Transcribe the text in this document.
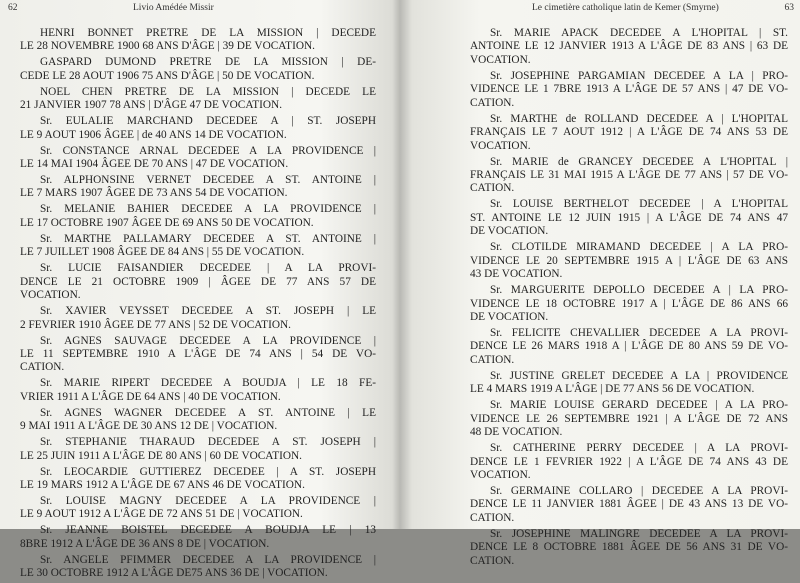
62	Livio Amédée Missir
HENRI BONNET PRETRE DE LA MISSION | DECEDE
LE 28 NOVEMBRE 1900 68 ANS D'ÂGE | 39 DE VOCATION.
GASPARD DUMOND PRETRE DE LA MISSION | DE-
CEDE LE 28 AOUT 1906 75 ANS D'ÂGE | 50 DE VOCATION.
NOEL CHEN PRETRE DE LA MISSION | DECEDE LE
21 JANVIER 1907 78 ANS | D'ÂGE 47 DE VOCATION.
Sr. EULALIE MARCHAND DECEDEE A | ST. JOSEPH
LE 9 AOUT 1906 ÂGEE | de 40 ANS 14 DE VOCATION.
Sr. CONSTANCE ARNAL DECEDEE A LA PROVIDENCE |
LE 14 MAI 1904 ÂGEE DE 70 ANS | 47 DE VOCATION.
Sr. ALPHONSINE VERNET DECEDEE A ST. ANTOINE |
LE 7 MARS 1907 ÂGEE DE 73 ANS 54 DE VOCATION.
Sr. MELANIE BAHIER DECEDEE A LA PROVIDENCE |
LE 17 OCTOBRE 1907 ÂGEE DE 69 ANS 50 DE VOCATION.
Sr. MARTHE PALLAMARY DECEDEE A ST. ANTOINE |
LE 7 JUILLET 1908 ÂGEE DE 84 ANS | 55 DE VOCATION.
Sr. LUCIE FAISANDIER DECEDEE | A LA PROVI-
DENCE LE 21 OCTOBRE 1909 | ÂGEE DE 77 ANS 57 DE
VOCATION.
Sr. XAVIER VEYSSET DECEDEE A ST. JOSEPH | LE
2 FEVRIER 1910 ÂGEE DE 77 ANS | 52 DE VOCATION.
Sr. AGNES SAUVAGE DECEDEE A LA PROVIDENCE |
LE 11 SEPTEMBRE 1910 A L'ÂGE DE 74 ANS | 54 DE VO-
CATION.
Sr. MARIE RIPERT DECEDEE A BOUDJA | LE 18 FE-
VRIER 1911 A L'ÂGE DE 64 ANS | 40 DE VOCATION.
Sr. AGNES WAGNER DECEDEE A ST. ANTOINE | LE
9 MAI 1911 A L'ÂGE DE 30 ANS 12 DE | VOCATION.
Sr. STEPHANIE THARAUD DECEDEE A ST. JOSEPH |
LE 25 JUIN 1911 A L'ÂGE DE 80 ANS | 60 DE VOCATION.
Sr. LEOCARDIE GUTTIEREZ DECEDEE | A ST. JOSEPH
LE 19 MARS 1912 A L'ÂGE DE 67 ANS 46 DE VOCATION.
Sr. LOUISE MAGNY DECEDEE A LA PROVIDENCE |
LE 9 AOUT 1912 A L'ÂGE DE 72 ANS 51 DE | VOCATION.
Sr. JEANNE BOISTEL DECEDEE A BOUDJA LE | 13
8BRE 1912 A L'ÂGE DE 36 ANS 8 DE | VOCATION.
Sr. ANGELE PFIMMER DECEDEE A LA PROVIDENCE |
LE 30 OCTOBRE 1912 A L'ÂGE DE75 ANS 36 DE | VOCATION.
Le cimetière catholique latin de Kemer (Smyrne)	63
Sr. MARIE APACK DECEDEE A L'HOPITAL | ST.
ANTOINE LE 12 JANVIER 1913 A L'ÂGE DE 83 ANS | 63 DE
VOCATION.
Sr. JOSEPHINE PARGAMIAN DECEDEE A LA | PRO-
VIDENCE LE 1 7BRE 1913 A L'ÂGE DE 57 ANS | 47 DE VO-
CATION.
Sr. MARTHE de ROLLAND DECEDEE A | L'HOPITAL
FRANÇAIS LE 7 AOUT 1912 | A L'ÂGE DE 74 ANS 53 DE
VOCATION.
Sr. MARIE de GRANCEY DECEDEE A L'HOPITAL |
FRANÇAIS LE 31 MAI 1915 A L'ÂGE DE 77 ANS | 57 DE VO-
CATION.
Sr. LOUISE BERTHELOT DECEDEE | A L'HOPITAL
ST. ANTOINE LE 12 JUIN 1915 | A L'ÂGE DE 74 ANS 47
DE VOCATION.
Sr. CLOTILDE MIRAMAND DECEDEE | A LA PRO-
VIDENCE LE 20 SEPTEMBRE 1915 A | L'ÂGE DE 63 ANS
43 DE VOCATION.
Sr. MARGUERITE DEPOLLO DECEDEE A | LA PRO-
VIDENCE LE 18 OCTOBRE 1917 A | L'ÂGE DE 86 ANS 66
DE VOCATION.
Sr. FELICITE CHEVALLIER DECEDEE A LA PROVI-
DENCE LE 26 MARS 1918 A | L'ÂGE DE 80 ANS 59 DE VO-
CATION.
Sr. JUSTINE GRELET DECEDEE A LA | PROVIDENCE
LE 4 MARS 1919 A L'ÂGE | DE 77 ANS 56 DE VOCATION.
Sr. MARIE LOUISE GERARD DECEDEE | A LA PRO-
VIDENCE LE 26 SEPTEMBRE 1921 | A L'ÂGE DE 72 ANS
48 DE VOCATION.
Sr. CATHERINE PERRY DECEDEE | A LA PROVI-
DENCE LE 1 FEVRIER 1922 | A L'ÂGE DE 74 ANS 43 DE
VOCATION.
Sr. GERMAINE COLLARO | DECEDEE A LA PROVI-
DENCE LE 11 JANVIER 1881 ÂGEE | DE 43 ANS 13 DE VO-
CATION.
Sr. JOSEPHINE MALINGRE DECEDEE A LA PROVI-
DENCE LE 8 OCTOBRE 1881 ÂGEE DE 56 ANS 31 DE VO-
CATION.
